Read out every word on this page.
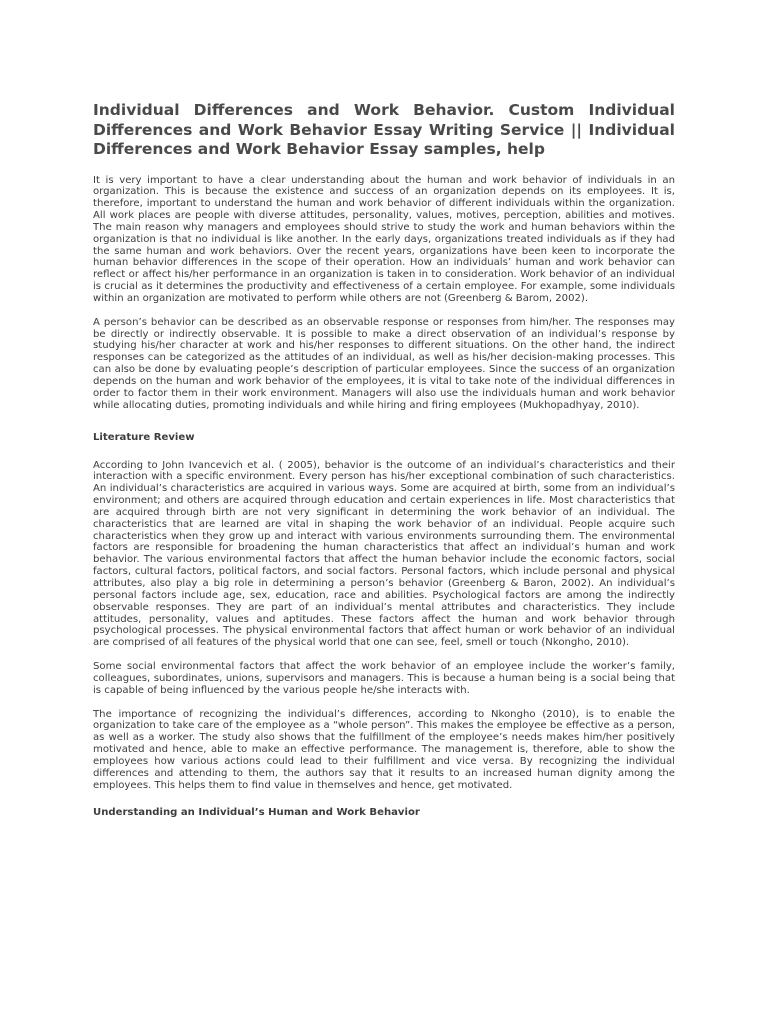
Individual Differences and Work Behavior. Custom Individual Differences and Work Behavior Essay Writing Service || Individual Differences and Work Behavior Essay samples, help

It is very important to have a clear understanding about the human and work behavior of individuals in an organization. This is because the existence and success of an organization depends on its employees. It is, therefore, important to understand the human and work behavior of different individuals within the organization. All work places are people with diverse attitudes, personality, values, motives, perception, abilities and motives. The main reason why managers and employees should strive to study the work and human behaviors within the organization is that no individual is like another. In the early days, organizations treated individuals as if they had the same human and work behaviors. Over the recent years, organizations have been keen to incorporate the human behavior differences in the scope of their operation. How an individuals’ human and work behavior can reflect or affect his/her performance in an organization is taken in to consideration. Work behavior of an individual is crucial as it determines the productivity and effectiveness of a certain employee. For example, some individuals within an organization are motivated to perform while others are not (Greenberg & Barom, 2002).

A person’s behavior can be described as an observable response or responses from him/her. The responses may be directly or indirectly observable. It is possible to make a direct observation of an individual’s response by studying his/her character at work and his/her responses to different situations. On the other hand, the indirect responses can be categorized as the attitudes of an individual, as well as his/her decision-making processes. This can also be done by evaluating people’s description of particular employees. Since the success of an organization depends on the human and work behavior of the employees, it is vital to take note of the individual differences in order to factor them in their work environment. Managers will also use the individuals human and work behavior while allocating duties, promoting individuals and while hiring and firing employees (Mukhopadhyay, 2010).

Literature Review

According to John Ivancevich et al. ( 2005), behavior is the outcome of an individual’s characteristics and their interaction with a specific environment. Every person has his/her exceptional combination of such characteristics. An individual’s characteristics are acquired in various ways. Some are acquired at birth, some from an individual’s environment; and others are acquired through education and certain experiences in life. Most characteristics that are acquired through birth are not very significant in determining the work behavior of an individual. The characteristics that are learned are vital in shaping the work behavior of an individual. People acquire such characteristics when they grow up and interact with various environments surrounding them. The environmental factors are responsible for broadening the human characteristics that affect an individual’s human and work behavior. The various environmental factors that affect the human behavior include the economic factors, social factors, cultural factors, political factors, and social factors. Personal factors, which include personal and physical attributes, also play a big role in determining a person’s behavior (Greenberg & Baron, 2002). An individual’s personal factors include age, sex, education, race and abilities. Psychological factors are among the indirectly observable responses. They are part of an individual’s mental attributes and characteristics. They include attitudes, personality, values and aptitudes. These factors affect the human and work behavior through psychological processes. The physical environmental factors that affect human or work behavior of an individual are comprised of all features of the physical world that one can see, feel, smell or touch (Nkongho, 2010).

Some social environmental factors that affect the work behavior of an employee include the worker’s family, colleagues, subordinates, unions, supervisors and managers. This is because a human being is a social being that is capable of being influenced by the various people he/she interacts with.

The importance of recognizing the individual’s differences, according to Nkongho (2010), is to enable the organization to take care of the employee as a “whole person”. This makes the employee be effective as a person, as well as a worker. The study also shows that the fulfillment of the employee’s needs makes him/her positively motivated and hence, able to make an effective performance. The management is, therefore, able to show the employees how various actions could lead to their fulfillment and vice versa. By recognizing the individual differences and attending to them, the authors say that it results to an increased human dignity among the employees. This helps them to find value in themselves and hence, get motivated.

Understanding an Individual’s Human and Work Behavior
